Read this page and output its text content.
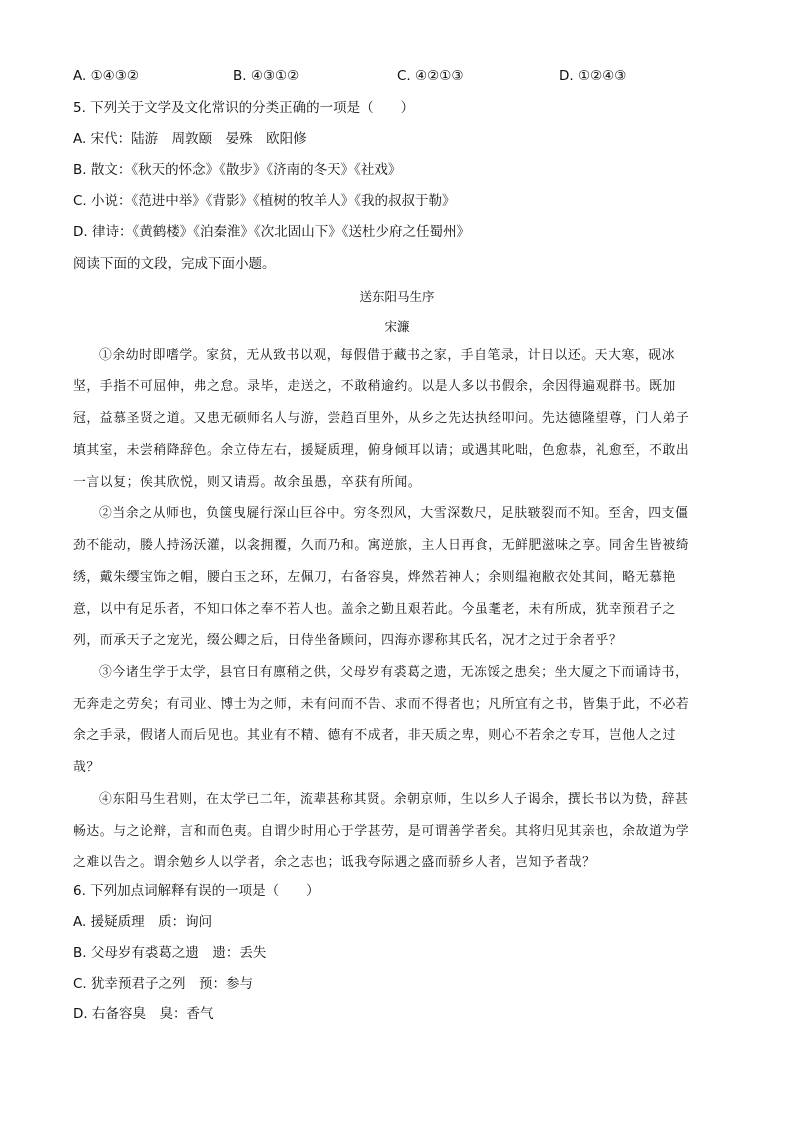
A. ①④③②	B. ④③①②	C. ④②①③	D. ①②④③
5. 下列关于文学及文化常识的分类正确的一项是（　　）
A. 宋代：陆游　周敦颐　晏殊　欧阳修
B. 散文：《秋天的怀念》《散步》《济南的冬天》《社戏》
C. 小说：《范进中举》《背影》《植树的牧羊人》《我的叔叔于勒》
D. 律诗：《黄鹤楼》《泊秦淮》《次北固山下》《送杜少府之任蜀州》
阅读下面的文段，完成下面小题。
送东阳马生序
宋濂
①余幼时即嗜学。家贫，无从致书以观，每假借于藏书之家，手自笔录，计日以还。天大寒，砚冰
坚，手指不可屈伸，弗之怠。录毕，走送之，不敢稍逾约。以是人多以书假余，余因得遍观群书。既加
冠，益慕圣贤之道。又患无硕师名人与游，尝趋百里外，从乡之先达执经叩问。先达德隆望尊，门人弟子
填其室，未尝稍降辞色。余立侍左右，援疑质理，俯身倾耳以请；或遇其叱咄，色愈恭，礼愈至，不敢出
一言以复；俟其欣悦，则又请焉。故余虽愚，卒获有所闻。
②当余之从师也，负箧曳屣行深山巨谷中。穷冬烈风，大雪深数尺，足肤皲裂而不知。至舍，四支僵
劲不能动，媵人持汤沃灌，以衾拥覆，久而乃和。寓逆旅，主人日再食，无鲜肥滋味之享。同舍生皆被绮
绣，戴朱缨宝饰之帽，腰白玉之环，左佩刀，右备容臭，烨然若神人；余则缊袍敝衣处其间，略无慕艳
意，以中有足乐者，不知口体之奉不若人也。盖余之勤且艰若此。今虽耄老，未有所成，犹幸预君子之
列，而承天子之宠光，缀公卿之后，日侍坐备顾问，四海亦谬称其氏名，况才之过于余者乎？
③今诸生学于太学，县官日有廪稍之供，父母岁有裘葛之遗，无冻馁之患矣；坐大厦之下而诵诗书，
无奔走之劳矣；有司业、博士为之师，未有问而不告、求而不得者也；凡所宜有之书，皆集于此，不必若
余之手录，假诸人而后见也。其业有不精、德有不成者，非天质之卑，则心不若余之专耳，岂他人之过
哉？
④东阳马生君则，在太学已二年，流辈甚称其贤。余朝京师，生以乡人子谒余，撰长书以为贽，辞甚
畅达。与之论辩，言和而色夷。自谓少时用心于学甚劳，是可谓善学者矣。其将归见其亲也，余故道为学
之难以告之。谓余勉乡人以学者，余之志也；诋我夸际遇之盛而骄乡人者，岂知予者哉？
6. 下列加点词解释有误的一项是（　　）
A. 援疑质理　质：询问
B. 父母岁有裘葛之遗　遗：丢失
C. 犹幸预君子之列　预：参与
D. 右备容臭　臭：香气
